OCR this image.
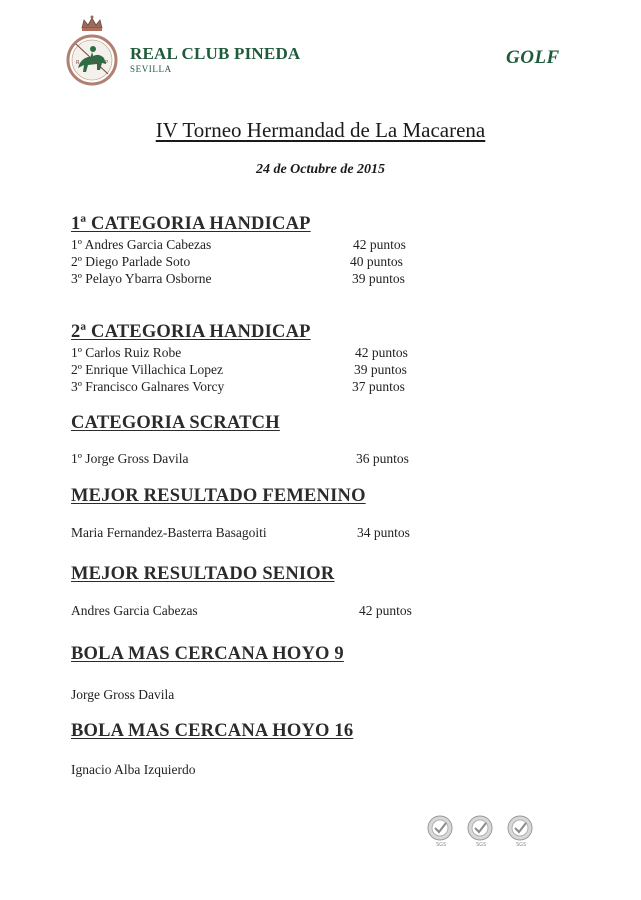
R	P REAL CLUB PINEDA
SEVILLA
GOLF
IV Torneo Hermandad de La Macarena
24 de Octubre de 2015
1ª CATEGORIA HANDICAP
1º Andres Garcia Cabezas	42 puntos
2º Diego Parlade Soto	40 puntos
3º Pelayo Ybarra Osborne	39 puntos
2ª CATEGORIA HANDICAP
1º Carlos Ruiz Robe	42 puntos
2º Enrique Villachica Lopez	39 puntos
3º Francisco Galnares Vorcy	37 puntos
CATEGORIA SCRATCH
1º Jorge Gross Davila	36 puntos
MEJOR RESULTADO FEMENINO
Maria Fernandez-Basterra Basagoiti	34 puntos
MEJOR RESULTADO SENIOR
Andres Garcia Cabezas	42 puntos
BOLA MAS CERCANA HOYO 9
Jorge Gross Davila
BOLA MAS CERCANA HOYO 16
Ignacio Alba Izquierdo
SGS	SGS	SGS
